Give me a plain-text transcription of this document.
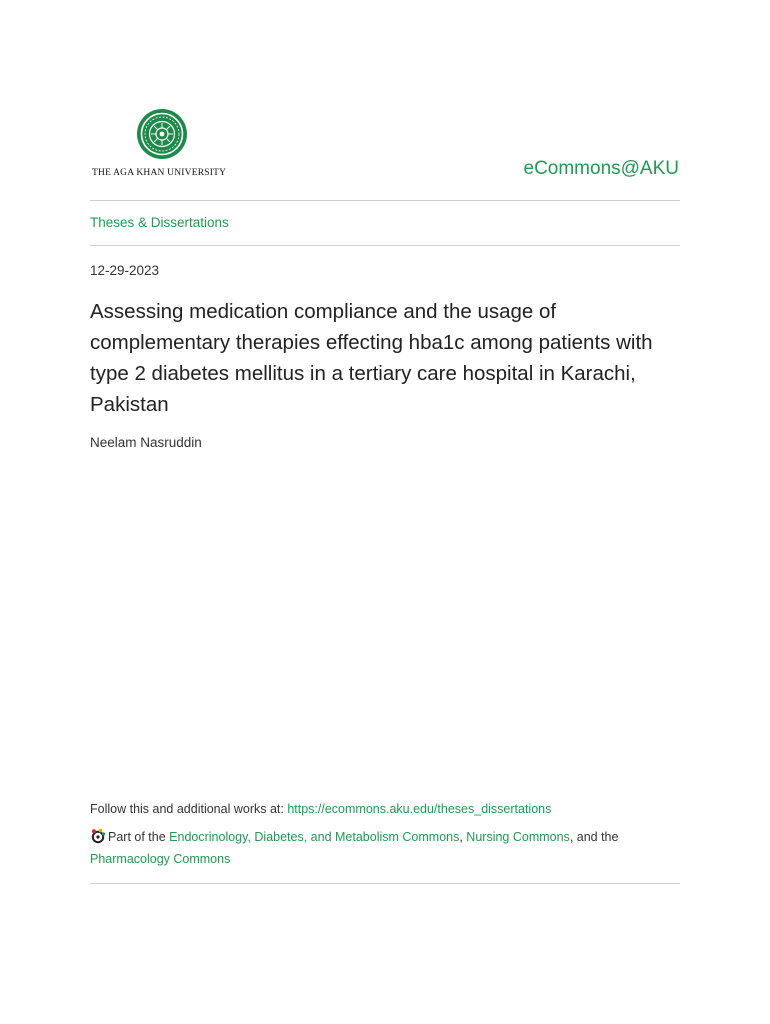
THE AGA KHAN UNIVERSITY	eCommons@AKU
Theses & Dissertations
12-29-2023
Assessing medication compliance and the usage of complementary therapies effecting hba1c among patients with type 2 diabetes mellitus in a tertiary care hospital in Karachi, Pakistan
Neelam Nasruddin
Follow this and additional works at: https://ecommons.aku.edu/theses_dissertations
Part of the Endocrinology, Diabetes, and Metabolism Commons, Nursing Commons, and the
Pharmacology Commons
